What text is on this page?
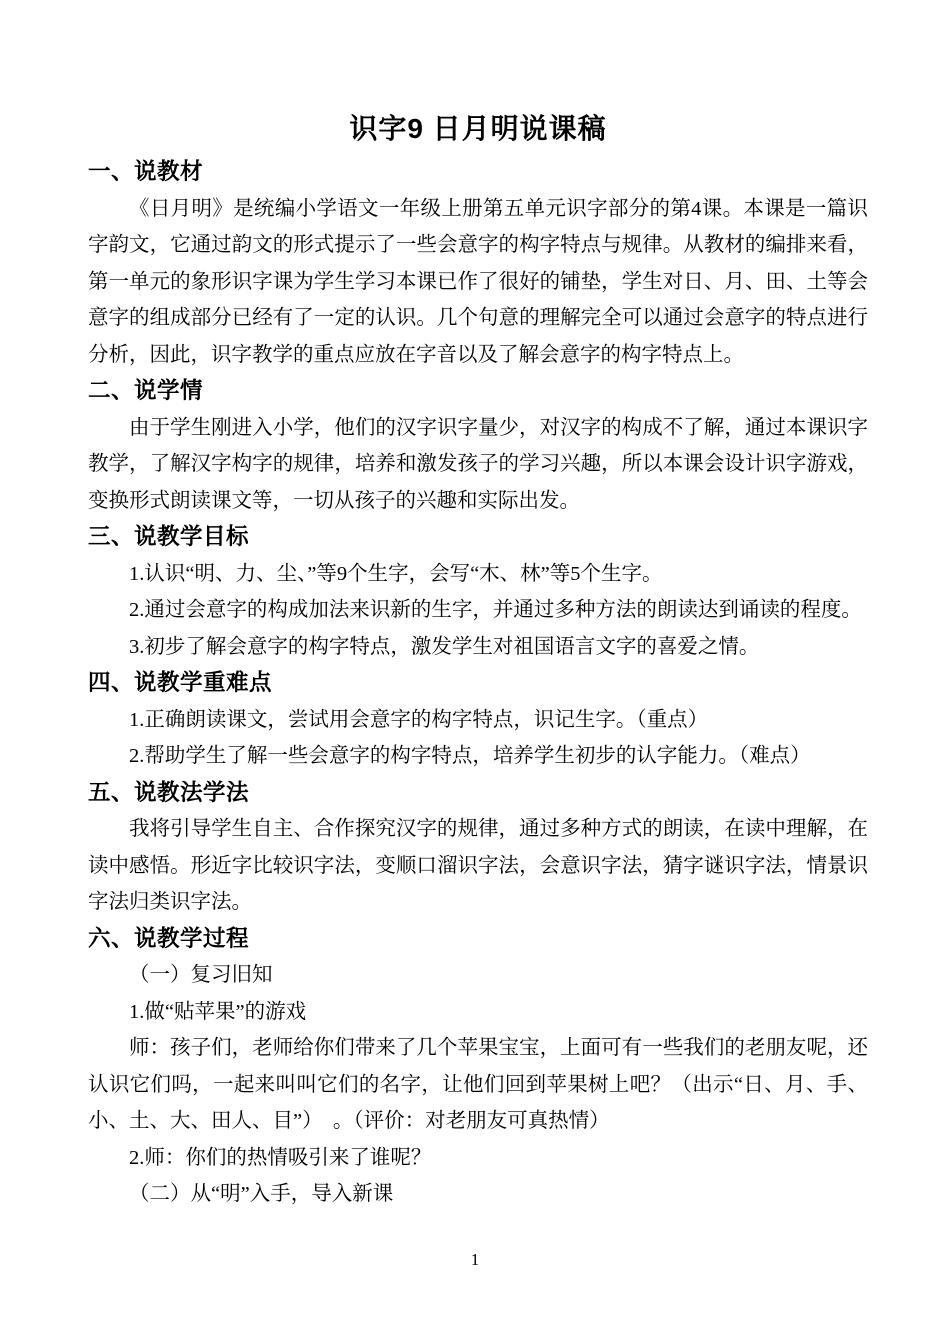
识字9 日月明说课稿
一、说教材

《日月明》是统编小学语文一年级上册第五单元识字部分的第4课。本课是一篇识字韵文，它通过韵文的形式提示了一些会意字的构字特点与规律。从教材的编排来看，第一单元的象形识字课为学生学习本课已作了很好的铺垫，学生对日、月、田、土等会意字的组成部分已经有了一定的认识。几个句意的理解完全可以通过会意字的特点进行分析，因此，识字教学的重点应放在字音以及了解会意字的构字特点上。

二、说学情

由于学生刚进入小学，他们的汉字识字量少，对汉字的构成不了解，通过本课识字教学，了解汉字构字的规律，培养和激发孩子的学习兴趣，所以本课会设计识字游戏，变换形式朗读课文等，一切从孩子的兴趣和实际出发。

三、说教学目标

1.认识“明、力、尘、”等9个生字，会写“木、林”等5个生字。

2.通过会意字的构成加法来识新的生字，并通过多种方法的朗读达到诵读的程度。

3.初步了解会意字的构字特点，激发学生对祖国语言文字的喜爱之情。

四、说教学重难点

1.正确朗读课文，尝试用会意字的构字特点，识记生字。（重点）

2.帮助学生了解一些会意字的构字特点，培养学生初步的认字能力。（难点）

五、说教法学法

我将引导学生自主、合作探究汉字的规律，通过多种方式的朗读，在读中理解，在读中感悟。形近字比较识字法，变顺口溜识字法，会意识字法，猜字谜识字法，情景识字法归类识字法。

六、说教学过程

（一）复习旧知

1.做“贴苹果”的游戏

师：孩子们，老师给你们带来了几个苹果宝宝，上面可有一些我们的老朋友呢，还认识它们吗，一起来叫叫它们的名字，让他们回到苹果树上吧？（出示“日、月、手、小、土、大、田人、目”）　。（评价：对老朋友可真热情）

2.师：你们的热情吸引来了谁呢？

（二）从“明”入手，导入新课

1
